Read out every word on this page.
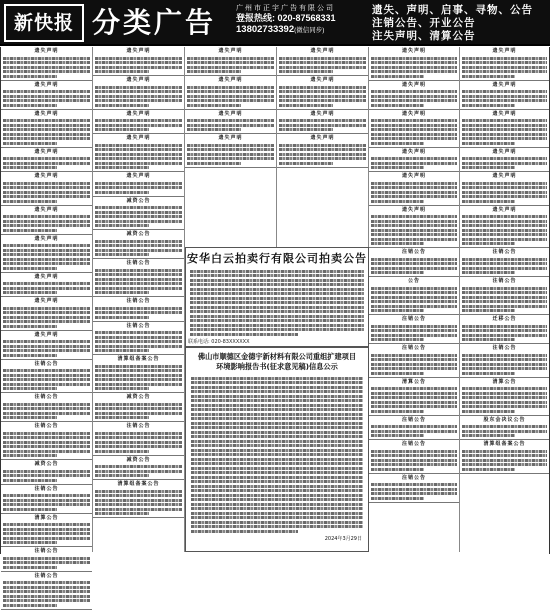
新快报 分类广告	广州市正宇广告有限公司
登报热线: 020-87568331
13802733392(微信同步)
遗失、声明、启事、寻物、公告
注销公告、开业公告
注失声明、清算公告
遗失声明
遗失声明
遗失声明
遗失声明
遗失声明
遗失声明
遗失声明
遗失声明
遗失声明
遗失声明
注销公告
注销公告
注销公告
减资公告
注销公告
清算公告
注销公告
注销公告
遗失声明
遗失声明
遗失声明
遗失声明
遗失声明
减资公告
减资公告
注销公告
注销公告
注销公告
清算组备案公告
减资公告
注销公告
减资公告
清算组备案公告
遗失声明
遗失声明
遗失声明
遗失声明
遗失声明
遗失声明
遗失声明
遗失声明
遗失声明
遗失声明
遗失声明
遗失声明
遗失声明
遗失声明
注销公告
公告
注销公告
注销公告
清算公告
注销公告
注销公告
注销公告
遗失声明
遗失声明
遗失声明
遗失声明
遗失声明
遗失声明
注销公告
注销公告
迁移公告
注销公告
清算公告
股东会决议公告
清算组备案公告
安华白云拍卖行有限公司拍卖公告
联系电话: 020-83XXXXXX
佛山市顺德区金德宇新材料有限公司重组扩建项目
环境影响报告书(征求意见稿)信息公示
2024年3月29日
